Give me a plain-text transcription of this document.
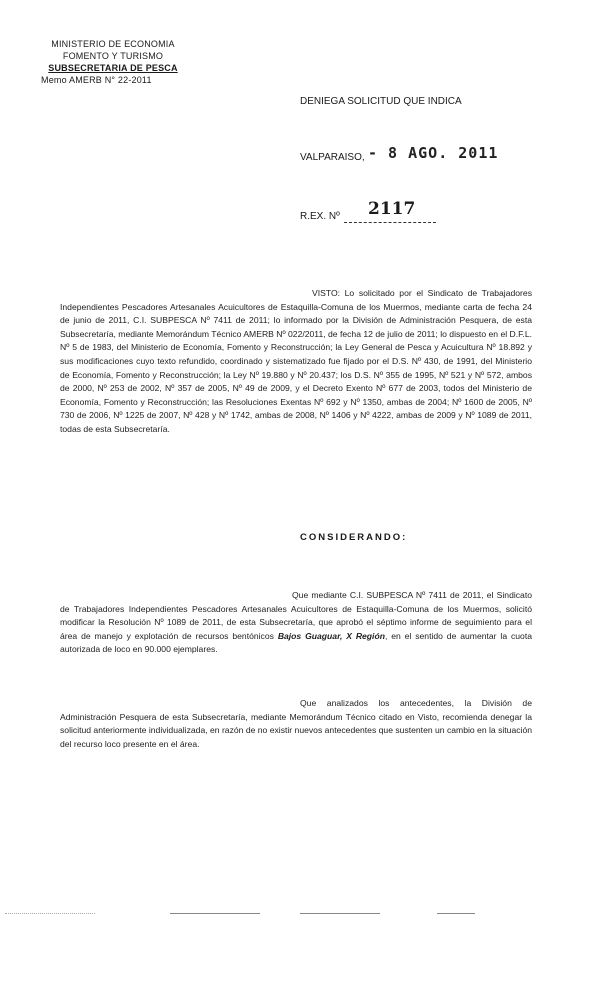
MINISTERIO DE ECONOMIA
FOMENTO Y TURISMO
SUBSECRETARIA DE PESCA
Memo AMERB N° 22-2011
DENIEGA SOLICITUD QUE INDICA
VALPARAISO, - 8 AGO. 2011
R.EX. Nº 2117
VISTO: Lo solicitado por el Sindicato de Trabajadores Independientes Pescadores Artesanales Acuicultores de Estaquilla-Comuna de los Muermos, mediante carta de fecha 24 de junio de 2011, C.I. SUBPESCA Nº 7411 de 2011; lo informado por la División de Administración Pesquera, de esta Subsecretaría, mediante Memorándum Técnico AMERB Nº 022/2011, de fecha 12 de julio de 2011; lo dispuesto en el D.F.L. Nº 5 de 1983, del Ministerio de Economía, Fomento y Reconstrucción; la Ley General de Pesca y Acuicultura Nº 18.892 y sus modificaciones cuyo texto refundido, coordinado y sistematizado fue fijado por el D.S. Nº 430, de 1991, del Ministerio de Economía, Fomento y Reconstrucción; la Ley Nº 19.880 y Nº 20.437; los D.S. Nº 355 de 1995, Nº 521 y Nº 572, ambos de 2000, Nº 253 de 2002, Nº 357 de 2005, Nº 49 de 2009, y el Decreto Exento Nº 677 de 2003, todos del Ministerio de Economía, Fomento y Reconstrucción; las Resoluciones Exentas Nº 692 y Nº 1350, ambas de 2004; Nº 1600 de 2005, Nº 730 de 2006, Nº 1225 de 2007, Nº 428 y Nº 1742, ambas de 2008, Nº 1406 y Nº 4222, ambas de 2009 y Nº 1089 de 2011, todas de esta Subsecretaría.
CONSIDERANDO:
Que mediante C.I. SUBPESCA Nº 7411 de 2011, el Sindicato de Trabajadores Independientes Pescadores Artesanales Acuicultores de Estaquilla-Comuna de los Muermos, solicitó modificar la Resolución Nº 1089 de 2011, de esta Subsecretaría, que aprobó el séptimo informe de seguimiento para el área de manejo y explotación de recursos bentónicos Bajos Guaguar, X Región, en el sentido de aumentar la cuota autorizada de loco en 90.000 ejemplares.
Que analizados los antecedentes, la División de Administración Pesquera de esta Subsecretaría, mediante Memorándum Técnico citado en Visto, recomienda denegar la solicitud anteriormente individualizada, en razón de no existir nuevos antecedentes que sustenten un cambio en la situación del recurso loco presente en el área.
